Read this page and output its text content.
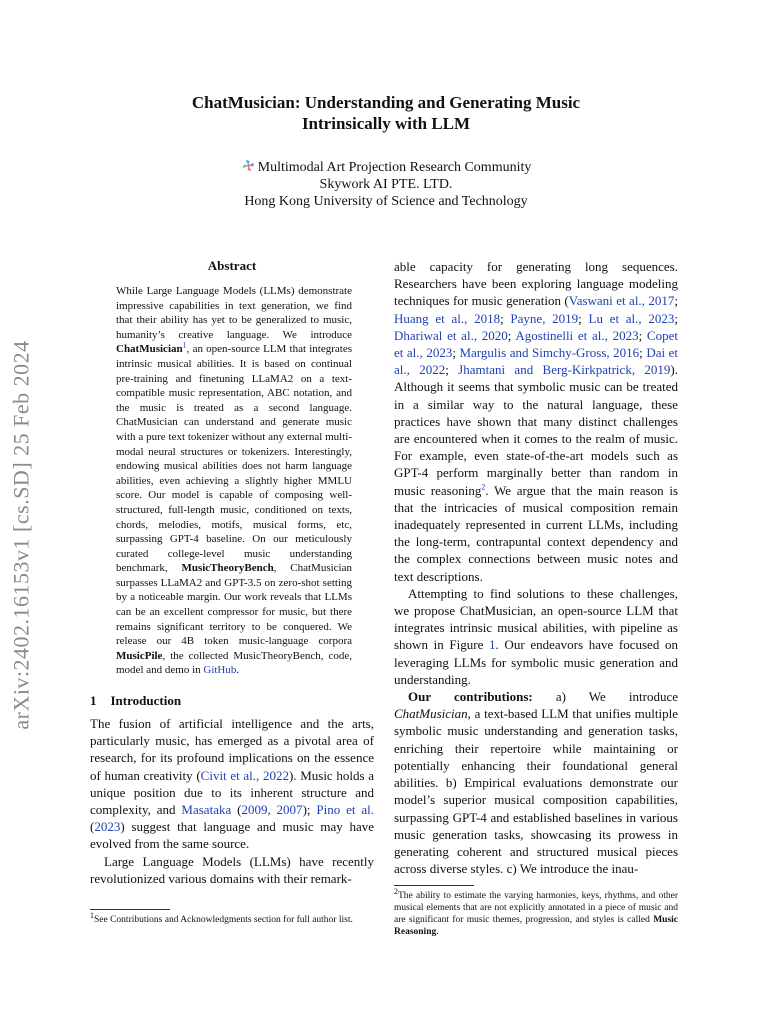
arXiv:2402.16153v1 [cs.SD] 25 Feb 2024
ChatMusician: Understanding and Generating Music
Intrinsically with LLM
Multimodal Art Projection Research Community
Skywork AI PTE. LTD.
Hong Kong University of Science and Technology
Abstract

While Large Language Models (LLMs) demonstrate impressive capabilities in text generation, we find that their ability has yet to be generalized to music, humanity’s creative language. We introduce ChatMusician$^1$, an open-source LLM that integrates intrinsic musical abilities. It is based on continual pre-training and finetuning LLaMA2 on a text-compatible music representation, ABC notation, and the music is treated as a second language. ChatMusician can understand and generate music with a pure text tokenizer without any external multi-modal neural structures or tokenizers. Interestingly, endowing musical abilities does not harm language abilities, even achieving a slightly higher MMLU score. Our model is capable of composing well-structured, full-length music, conditioned on texts, chords, melodies, motifs, musical forms, etc, surpassing GPT-4 baseline. On our meticulously curated college-level music understanding benchmark, MusicTheoryBench, ChatMusician surpasses LLaMA2 and GPT-3.5 on zero-shot setting by a noticeable margin. Our work reveals that LLMs can be an excellent compressor for music, but there remains significant territory to be conquered. We release our 4B token music-language corpora MusicPile, the collected MusicTheoryBench, code, model and demo in GitHub.

1 Introduction

The fusion of artificial intelligence and the arts, particularly music, has emerged as a pivotal area of research, for its profound implications on the essence of human creativity (Civit et al., 2022). Music holds a unique position due to its inherent structure and complexity, and Masataka (2009, 2007); Pino et al. (2023) suggest that language and music may have evolved from the same source.

Large Language Models (LLMs) have recently revolutionized various domains with their remark-

able capacity for generating long sequences. Researchers have been exploring language modeling techniques for music generation (Vaswani et al., 2017; Huang et al., 2018; Payne, 2019; Lu et al., 2023; Dhariwal et al., 2020; Agostinelli et al., 2023; Copet et al., 2023; Margulis and Simchy-Gross, 2016; Dai et al., 2022; Jhamtani and Berg-Kirkpatrick, 2019). Although it seems that symbolic music can be treated in a similar way to the natural language, these practices have shown that many distinct challenges are encountered when it comes to the realm of music. For example, even state-of-the-art models such as GPT-4 perform marginally better than random in music reasoning$^2$. We argue that the main reason is that the intricacies of musical composition remain inadequately represented in current LLMs, including the long-term, contrapuntal context dependency and the complex connections between music notes and text descriptions.

Attempting to find solutions to these challenges, we propose ChatMusician, an open-source LLM that integrates intrinsic musical abilities, with pipeline as shown in Figure 1. Our endeavors have focused on leveraging LLMs for symbolic music generation and understanding.

Our contributions: a) We introduce ChatMusician, a text-based LLM that unifies multiple symbolic music understanding and generation tasks, enriching their repertoire while maintaining or potentially enhancing their foundational general abilities. b) Empirical evaluations demonstrate our model’s superior musical composition capabilities, surpassing GPT-4 and established baselines in various music generation tasks, showcasing its prowess in generating coherent and structured musical pieces across diverse styles. c) We introduce the inau-

$^2$The ability to estimate the varying harmonies, keys, rhythms, and other musical elements that are not explicitly annotated in a piece of music and are significant for music themes, progression, and styles is called Music Reasoning.
$^1$See Contributions and Acknowledgments section for full author list.
